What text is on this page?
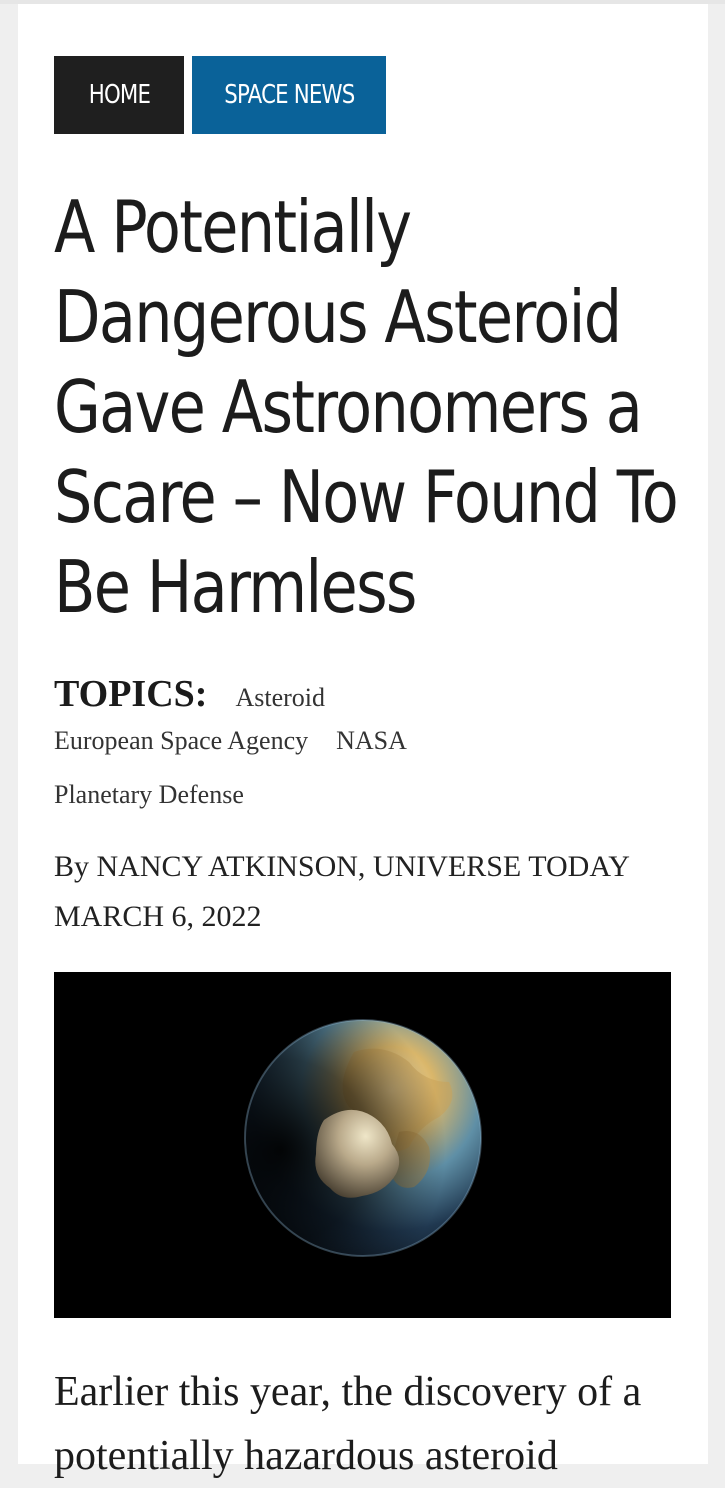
HOME	SPACE NEWS
A Potentially Dangerous Asteroid Gave Astronomers a Scare – Now Found To Be Harmless
TOPICS: Asteroid
European Space Agency NASA
Planetary Defense
By NANCY ATKINSON, UNIVERSE TODAY
MARCH 6, 2022

Earlier this year, the discovery of a potentially hazardous asteroid
